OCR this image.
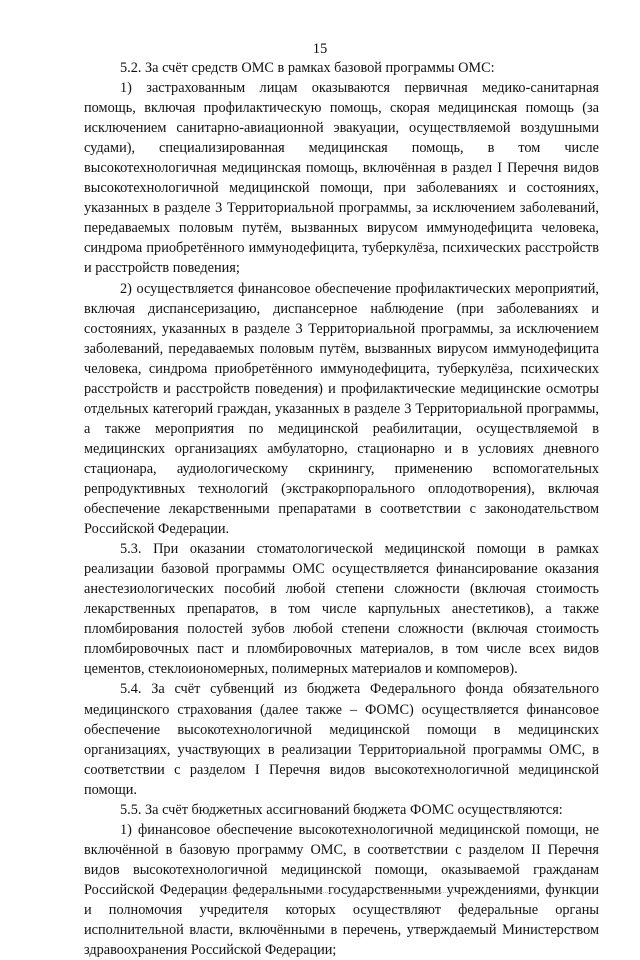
15

5.2. За счёт средств ОМС в рамках базовой программы ОМС:

1) застрахованным лицам оказываются первичная медико-санитарная помощь, включая профилактическую помощь, скорая медицинская помощь (за исключением санитарно-авиационной эвакуации, осуществляемой воздушными судами), специализированная медицинская помощь, в том числе высокотехнологичная медицинская помощь, включённая в раздел I Перечня видов высокотехнологичной медицинской помощи, при заболеваниях и состояниях, указанных в разделе 3 Территориальной программы, за исключением заболеваний, передаваемых половым путём, вызванных вирусом иммунодефицита человека, синдрома приобретённого иммунодефицита, туберкулёза, психических расстройств и расстройств поведения;

2) осуществляется финансовое обеспечение профилактических мероприятий, включая диспансеризацию, диспансерное наблюдение (при заболеваниях и состояниях, указанных в разделе 3 Территориальной программы, за исключением заболеваний, передаваемых половым путём, вызванных вирусом иммунодефицита человека, синдрома приобретённого иммунодефицита, туберкулёза, психических расстройств и расстройств поведения) и профилактические медицинские осмотры отдельных категорий граждан, указанных в разделе 3 Территориальной программы, а также мероприятия по медицинской реабилитации, осуществляемой в медицинских организациях амбулаторно, стационарно и в условиях дневного стационара, аудиологическому скринингу, применению вспомогательных репродуктивных технологий (экстракорпорального оплодотворения), включая обеспечение лекарственными препаратами в соответствии с законодательством Российской Федерации.

5.3. При оказании стоматологической медицинской помощи в рамках реализации базовой программы ОМС осуществляется финансирование оказания анестезиологических пособий любой степени сложности (включая стоимость лекарственных препаратов, в том числе карпульных анестетиков), а также пломбирования полостей зубов любой степени сложности (включая стоимость пломбировочных паст и пломбировочных материалов, в том числе всех видов цементов, стеклоиономерных, полимерных материалов и компомеров).

5.4. За счёт субвенций из бюджета Федерального фонда обязательного медицинского страхования (далее также – ФОМС) осуществляется финансовое обеспечение высокотехнологичной медицинской помощи в медицинских организациях, участвующих в реализации Территориальной программы ОМС, в соответствии с разделом I Перечня видов высокотехнологичной медицинской помощи.

5.5. За счёт бюджетных ассигнований бюджета ФОМС осуществляются:

1) финансовое обеспечение высокотехнологичной медицинской помощи, не включённой в базовую программу ОМС, в соответствии с разделом II Перечня видов высокотехнологичной медицинской помощи, оказываемой гражданам Российской Федерации федеральными государственными учреждениями, функции и полномочия учредителя которых осуществляют федеральные органы исполнительной власти, включёнными в перечень, утверждаемый Министерством здравоохранения Российской Федерации;
